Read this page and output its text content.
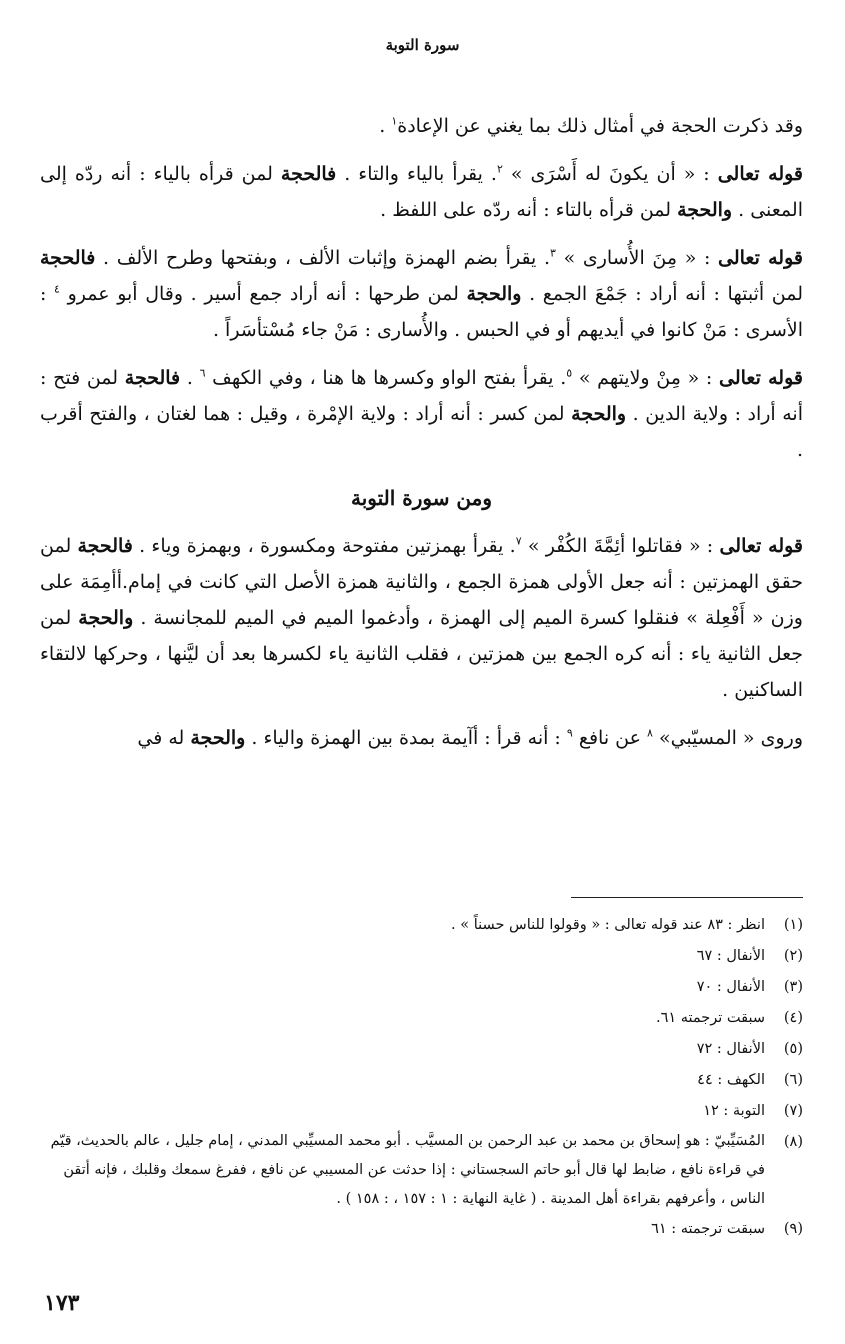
سورة التوبة

وقد ذكرت الحجة في أمثال ذلك بما يغني عن الإعادة$^١$ .

قوله تعالى : « أن يكونَ له أَسْرَى » $^٢$. يقرأ بالياء والتاء . فالحجة لمن قرأه بالياء : أنه ردّه إلى المعنى . والحجة لمن قرأه بالتاء : أنه ردّه على اللفظ .

قوله تعالى : « مِنَ الأُسارى » $^٣$. يقرأ بضم الهمزة وإثبات الألف ، وبفتحها وطرح الألف . فالحجة لمن أثبتها : أنه أراد : جَمْعَ الجمع . والحجة لمن طرحها : أنه أراد جمع أسير . وقال أبو عمرو $^٤$ : الأسرى : مَنْ كانوا في أيديهم أو في الحبس . والأُسارى : مَنْ جاء مُسْتأسَراً .

قوله تعالى : « مِنْ ولايتهم » $^٥$. يقرأ بفتح الواو وكسرها ها هنا ، وفي الكهف $^٦$ . فالحجة لمن فتح : أنه أراد : ولاية الدين . والحجة لمن كسر : أنه أراد : ولاية الإمْرة ، وقيل : هما لغتان ، والفتح أقرب .

ومن سورة التوبة

قوله تعالى : « فقاتلوا أئِمَّةَ الكُفْر » $^٧$. يقرأ بهمزتين مفتوحة ومكسورة ، وبهمزة وياء . فالحجة لمن حقق الهمزتين : أنه جعل الأولى همزة الجمع ، والثانية همزة الأصل التي كانت في إمام.أأمِمَة على وزن « أَفْعِلة » فنقلوا كسرة الميم إلى الهمزة ، وأدغموا الميم في الميم للمجانسة . والحجة لمن جعل الثانية ياء : أنه كره الجمع بين همزتين ، فقلب الثانية ياء لكسرها بعد أن ليَّنها ، وحركها لالتقاء الساكنين .

وروى « المسيّبي» $^٨$ عن نافع $^٩$ : أنه قرأ : أآيمة بمدة بين الهمزة والياء . والحجة له في

(١)
انظر : ٨٣ عند قوله تعالى : « وقولوا للناس حسناً » .
(٢)
الأنفال : ٦٧
(٣)
الأنفال : ٧٠
(٤)
سبقت ترجمته ٦١.
(٥)
الأنفال : ٧٢
(٦)
الكهف : ٤٤
(٧)
التوبة : ١٢
(٨)
المُسَيِّبيّ : هو إسحاق بن محمد بن عبد الرحمن بن المسيَّب . أبو محمد المسيِّبي المدني ، إمام جليل ، عالم بالحديث، قيّم في قراءة نافع ، ضابط لها قال أبو حاتم السجستاني : إذا حدثت عن المسيبي عن نافع ، ففرغ سمعك وقلبك ، فإنه أتقن الناس ، وأعرفهم بقراءة أهل المدينة . ( غاية النهاية : ١ : ١٥٧ ، : ١٥٨ ) .
(٩)
سبقت ترجمته : ٦١
١٧٣
